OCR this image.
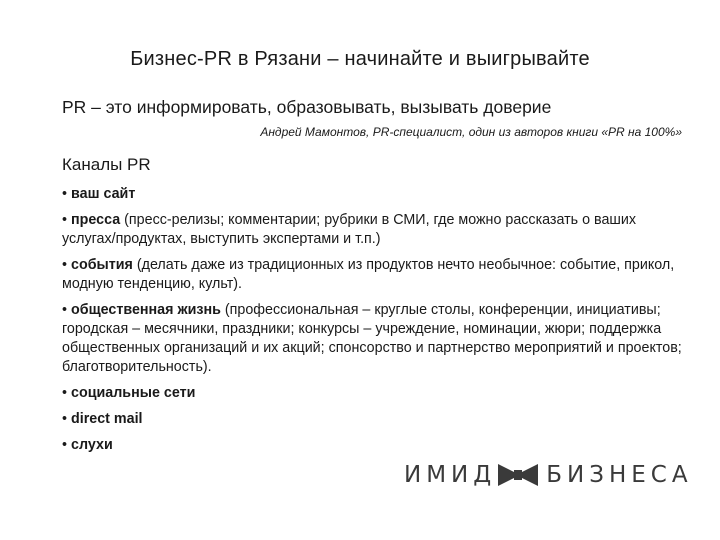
Бизнес-PR в Рязани – начинайте и выигрывайте
PR – это информировать, образовывать, вызывать доверие
Андрей Мамонтов, PR-специалист, один из авторов книги «PR на 100%»
Каналы PR
• ваш сайт
• пресса (пресс-релизы; комментарии; рубрики в СМИ, где можно рассказать о ваших услугах/продуктах, выступить экспертами и т.п.)
• события (делать даже из традиционных из продуктов нечто необычное: событие, прикол, модную тенденцию, культ).
• общественная жизнь (профессиональная – круглые столы, конференции, инициативы; городская – месячники, праздники; конкурсы – учреждение, номинации, жюри; поддержка общественных организаций и их акций; спонсорство и партнерство мероприятий и проектов; благотворительность).
• социальные сети
• direct mail
• слухи
ИМИД БИЗНЕСА
